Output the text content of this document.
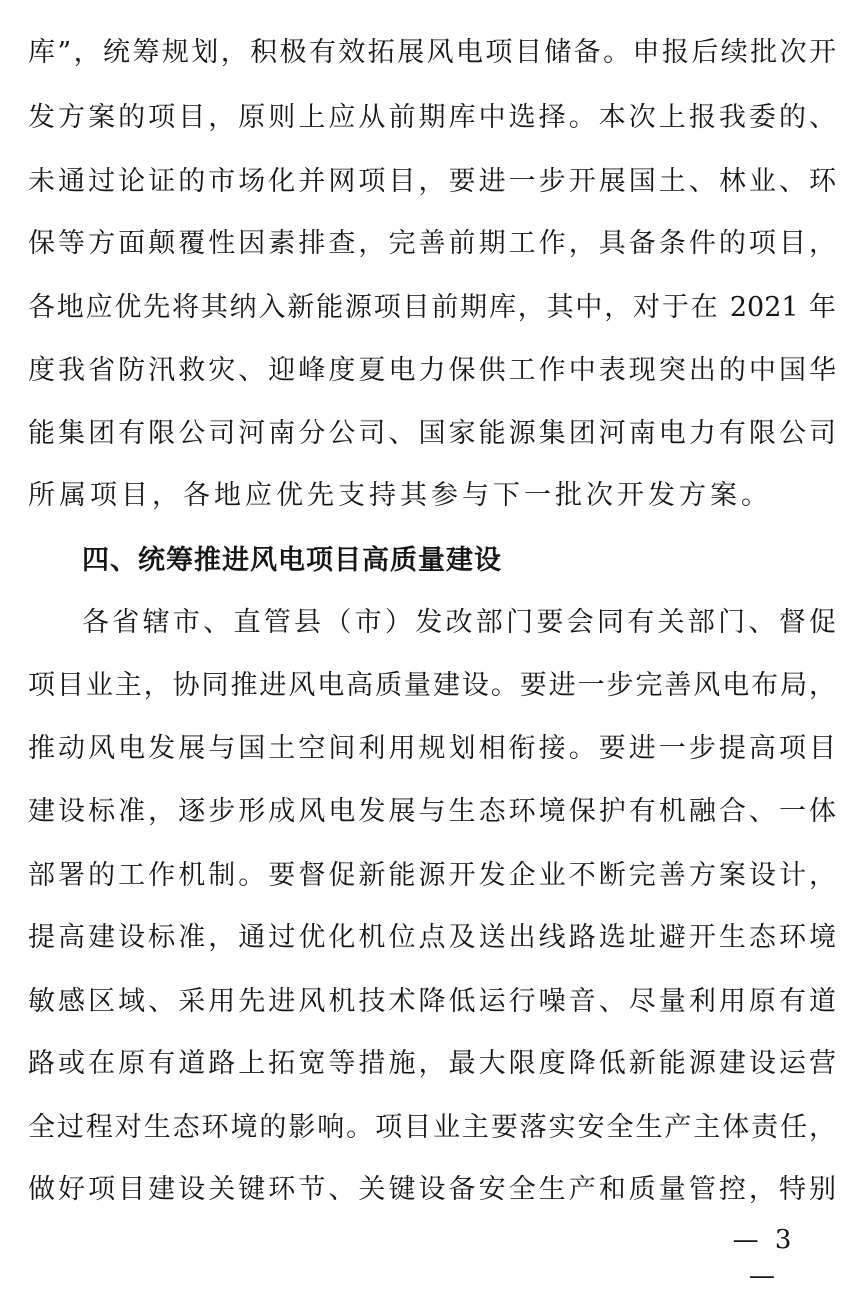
库”，统筹规划，积极有效拓展风电项目储备。申报后续批次开
发方案的项目，原则上应从前期库中选择。本次上报我委的、
未通过论证的市场化并网项目，要进一步开展国土、林业、环
保等方面颠覆性因素排查，完善前期工作，具备条件的项目，
各地应优先将其纳入新能源项目前期库，其中，对于在 2021 年
度我省防汛救灾、迎峰度夏电力保供工作中表现突出的中国华
能集团有限公司河南分公司、国家能源集团河南电力有限公司
所属项目，各地应优先支持其参与下一批次开发方案。
四、统筹推进风电项目高质量建设
各省辖市、直管县（市）发改部门要会同有关部门、督促
项目业主，协同推进风电高质量建设。要进一步完善风电布局，
推动风电发展与国土空间利用规划相衔接。要进一步提高项目
建设标准，逐步形成风电发展与生态环境保护有机融合、一体
部署的工作机制。要督促新能源开发企业不断完善方案设计，
提高建设标准，通过优化机位点及送出线路选址避开生态环境
敏感区域、采用先进风机技术降低运行噪音、尽量利用原有道
路或在原有道路上拓宽等措施，最大限度降低新能源建设运营
全过程对生态环境的影响。项目业主要落实安全生产主体责任，
做好项目建设关键环节、关键设备安全生产和质量管控，特别
— 3 —
